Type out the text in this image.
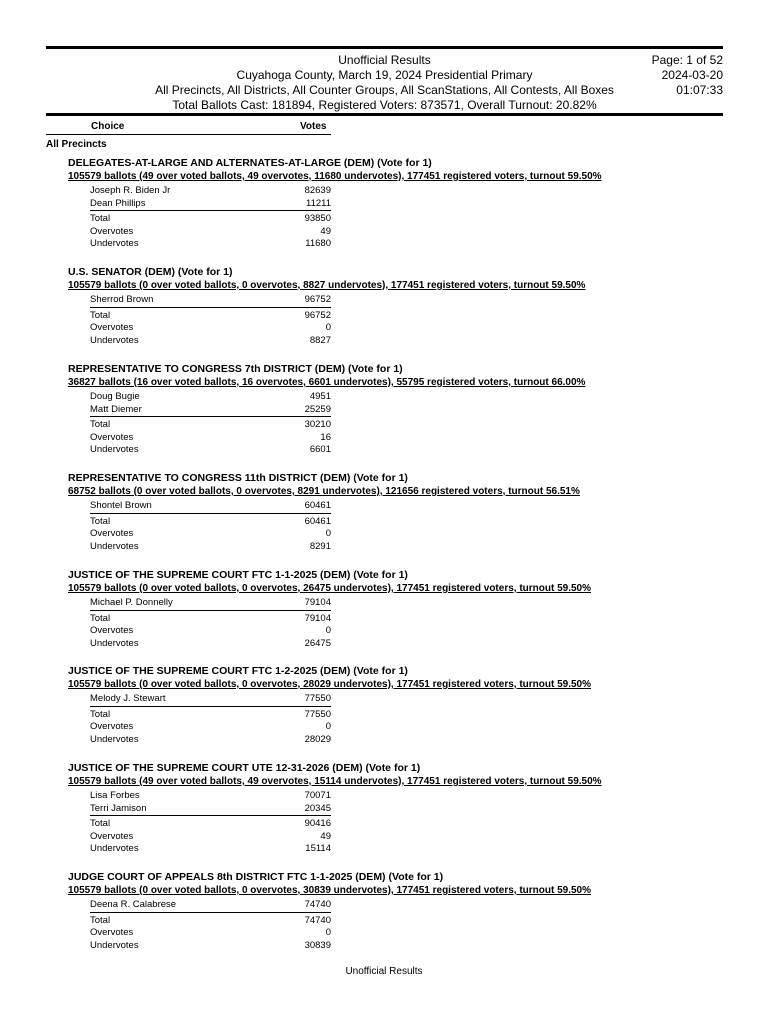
Unofficial Results
Cuyahoga County, March 19, 2024 Presidential Primary
All Precincts, All Districts, All Counter Groups, All ScanStations, All Contests, All Boxes
Total Ballots Cast: 181894, Registered Voters: 873571, Overall Turnout: 20.82%
Page: 1 of 52
2024-03-20
01:07:33
Choice	Votes
All Precincts
DELEGATES-AT-LARGE AND ALTERNATES-AT-LARGE (DEM) (Vote for 1)
105579 ballots (49 over voted ballots, 49 overvotes, 11680 undervotes), 177451 registered voters, turnout 59.50%
Joseph R. Biden Jr	82639
Dean Phillips	11211
Total	93850
Overvotes	49
Undervotes	11680
U.S. SENATOR (DEM) (Vote for 1)
105579 ballots (0 over voted ballots, 0 overvotes, 8827 undervotes), 177451 registered voters, turnout 59.50%
Sherrod Brown	96752
Total	96752
Overvotes	0
Undervotes	8827
REPRESENTATIVE TO CONGRESS 7th DISTRICT (DEM) (Vote for 1)
36827 ballots (16 over voted ballots, 16 overvotes, 6601 undervotes), 55795 registered voters, turnout 66.00%
Doug Bugie	4951
Matt Diemer	25259
Total	30210
Overvotes	16
Undervotes	6601
REPRESENTATIVE TO CONGRESS 11th DISTRICT (DEM) (Vote for 1)
68752 ballots (0 over voted ballots, 0 overvotes, 8291 undervotes), 121656 registered voters, turnout 56.51%
Shontel Brown	60461
Total	60461
Overvotes	0
Undervotes	8291
JUSTICE OF THE SUPREME COURT FTC 1-1-2025 (DEM) (Vote for 1)
105579 ballots (0 over voted ballots, 0 overvotes, 26475 undervotes), 177451 registered voters, turnout 59.50%
Michael P. Donnelly	79104
Total	79104
Overvotes	0
Undervotes	26475
JUSTICE OF THE SUPREME COURT FTC 1-2-2025 (DEM) (Vote for 1)
105579 ballots (0 over voted ballots, 0 overvotes, 28029 undervotes), 177451 registered voters, turnout 59.50%
Melody J. Stewart	77550
Total	77550
Overvotes	0
Undervotes	28029
JUSTICE OF THE SUPREME COURT UTE 12-31-2026 (DEM) (Vote for 1)
105579 ballots (49 over voted ballots, 49 overvotes, 15114 undervotes), 177451 registered voters, turnout 59.50%
Lisa Forbes	70071
Terri Jamison	20345
Total	90416
Overvotes	49
Undervotes	15114
JUDGE COURT OF APPEALS 8th DISTRICT FTC 1-1-2025 (DEM) (Vote for 1)
105579 ballots (0 over voted ballots, 0 overvotes, 30839 undervotes), 177451 registered voters, turnout 59.50%
Deena R. Calabrese	74740
Total	74740
Overvotes	0
Undervotes	30839
Unofficial Results
